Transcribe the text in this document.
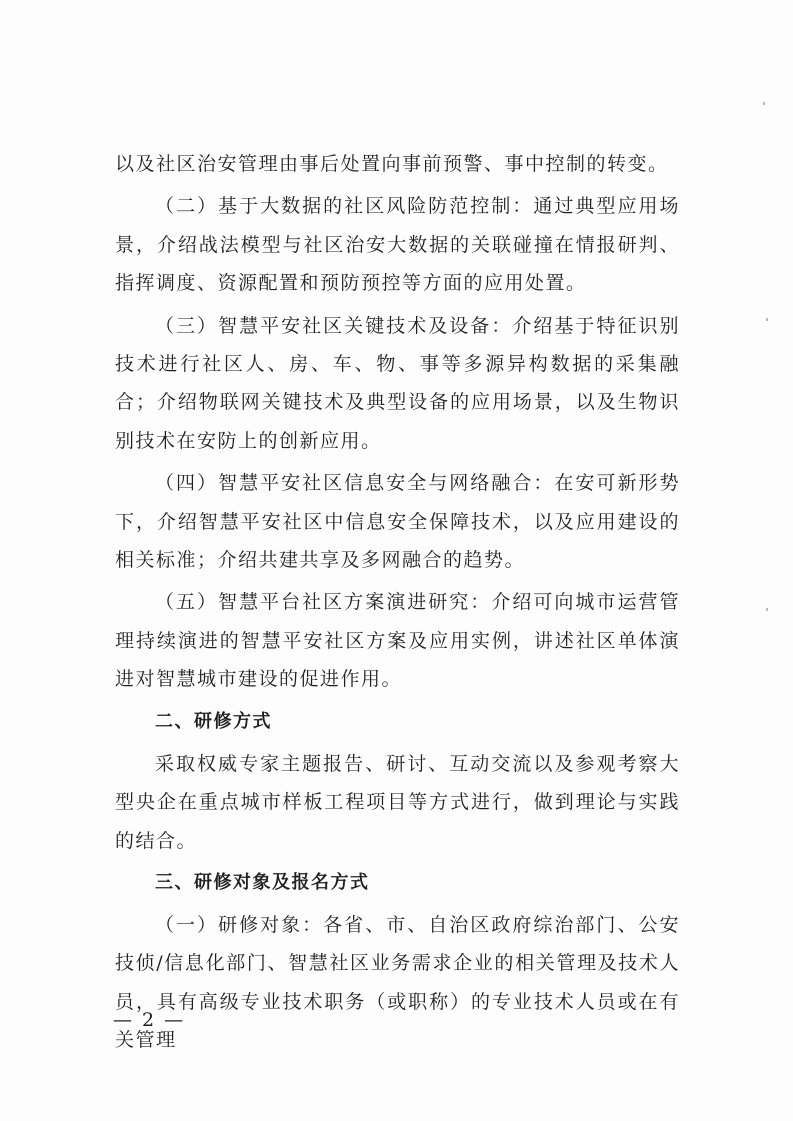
以及社区治安管理由事后处置向事前预警、事中控制的转变。

（二）基于大数据的社区风险防范控制：通过典型应用场景，介绍战法模型与社区治安大数据的关联碰撞在情报研判、指挥调度、资源配置和预防预控等方面的应用处置。

（三）智慧平安社区关键技术及设备：介绍基于特征识别技术进行社区人、房、车、物、事等多源异构数据的采集融合；介绍物联网关键技术及典型设备的应用场景，以及生物识别技术在安防上的创新应用。

（四）智慧平安社区信息安全与网络融合：在安可新形势下，介绍智慧平安社区中信息安全保障技术，以及应用建设的相关标准；介绍共建共享及多网融合的趋势。

（五）智慧平台社区方案演进研究：介绍可向城市运营管理持续演进的智慧平安社区方案及应用实例，讲述社区单体演进对智慧城市建设的促进作用。

二、研修方式

采取权威专家主题报告、研讨、互动交流以及参观考察大型央企在重点城市样板工程项目等方式进行，做到理论与实践的结合。

三、研修对象及报名方式

（一）研修对象：各省、市、自治区政府综治部门、公安技侦/信息化部门、智慧社区业务需求企业的相关管理及技术人员，具有高级专业技术职务（或职称）的专业技术人员或在有关管理

— 2 —
